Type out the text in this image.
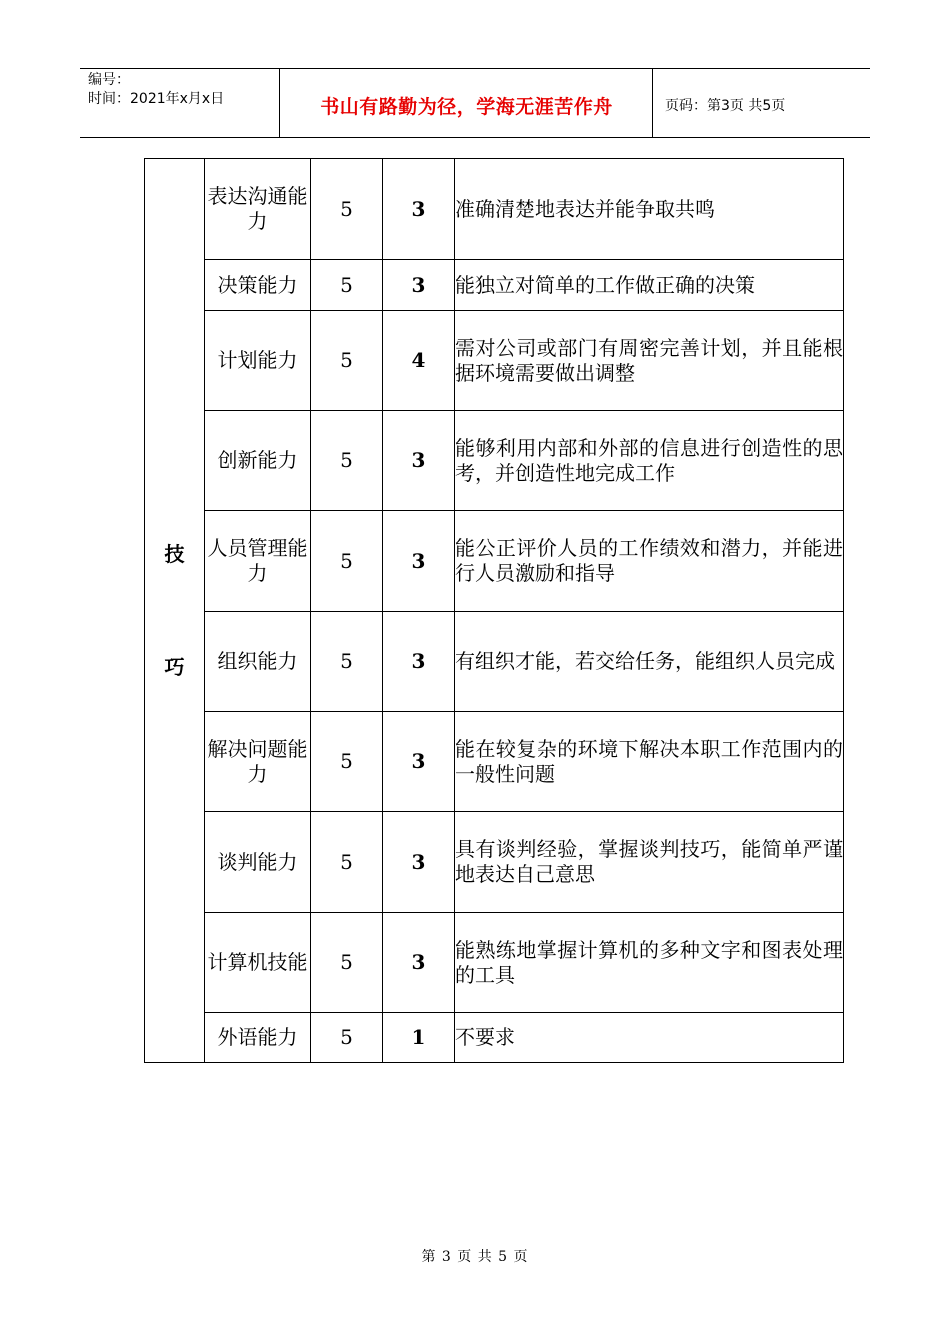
编号：
时间：2021年x月x日	书山有路勤为径，学海无涯苦作舟	页码：第3页 共5页
技
巧	表达沟通能力	5	3	准确清楚地表达并能争取共鸣
	决策能力	5	3	能独立对简单的工作做正确的决策
	计划能力	5	4	需对公司或部门有周密完善计划，并且能根据环境需要做出调整
	创新能力	5	3	能够利用内部和外部的信息进行创造性的思考，并创造性地完成工作
	人员管理能力	5	3	能公正评价人员的工作绩效和潜力，并能进行人员激励和指导
	组织能力	5	3	有组织才能，若交给任务，能组织人员完成
	解决问题能力	5	3	能在较复杂的环境下解决本职工作范围内的一般性问题
	谈判能力	5	3	具有谈判经验，掌握谈判技巧，能简单严谨地表达自己意思
	计算机技能	5	3	能熟练地掌握计算机的多种文字和图表处理的工具
	外语能力	5	1	不要求
第 3 页 共 5 页
